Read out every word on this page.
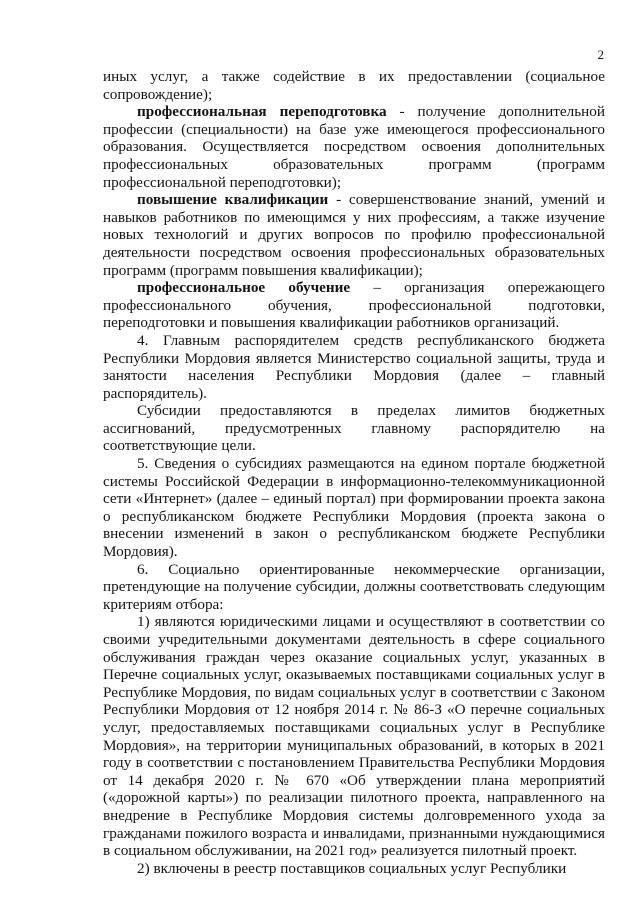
2

иных услуг, а также содействие в их предоставлении (социальное сопровождение);

профессиональная переподготовка - получение дополнительной профессии (специальности) на базе уже имеющегося профессионального образования. Осуществляется посредством освоения дополнительных профессиональных образовательных программ (программ профессиональной переподготовки);

повышение квалификации - совершенствование знаний, умений и навыков работников по имеющимся у них профессиям, а также изучение новых технологий и других вопросов по профилю профессиональной деятельности посредством освоения профессиональных образовательных программ (программ повышения квалификации);

профессиональное обучение – организация опережающего профессионального обучения, профессиональной подготовки, переподготовки и повышения квалификации работников организаций.

4. Главным распорядителем средств республиканского бюджета Республики Мордовия является Министерство социальной защиты, труда и занятости населения Республики Мордовия (далее – главный распорядитель).

Субсидии предоставляются в пределах лимитов бюджетных ассигнований, предусмотренных главному распорядителю на соответствующие цели.

5. Сведения о субсидиях размещаются на едином портале бюджетной системы Российской Федерации в информационно-телекоммуникационной сети «Интернет» (далее – единый портал) при формировании проекта закона о республиканском бюджете Республики Мордовия (проекта закона о внесении изменений в закон о республиканском бюджете Республики Мордовия).

6. Социально ориентированные некоммерческие организации, претендующие на получение субсидии, должны соответствовать следующим критериям отбора:

1) являются юридическими лицами и осуществляют в соответствии со своими учредительными документами деятельность в сфере социального обслуживания граждан через оказание социальных услуг, указанных в Перечне социальных услуг, оказываемых поставщиками социальных услуг в Республике Мордовия, по видам социальных услуг в соответствии с Законом Республики Мордовия от 12 ноября 2014 г. № 86-З «О перечне социальных услуг, предоставляемых поставщиками социальных услуг в Республике Мордовия», на территории муниципальных образований, в которых в 2021 году в соответствии с постановлением Правительства Республики Мордовия от 14 декабря 2020 г. № 670 «Об утверждении плана мероприятий («дорожной карты») по реализации пилотного проекта, направленного на внедрение в Республике Мордовия системы долговременного ухода за гражданами пожилого возраста и инвалидами, признанными нуждающимися в социальном обслуживании, на 2021 год» реализуется пилотный проект.

2) включены в реестр поставщиков социальных услуг Республики
